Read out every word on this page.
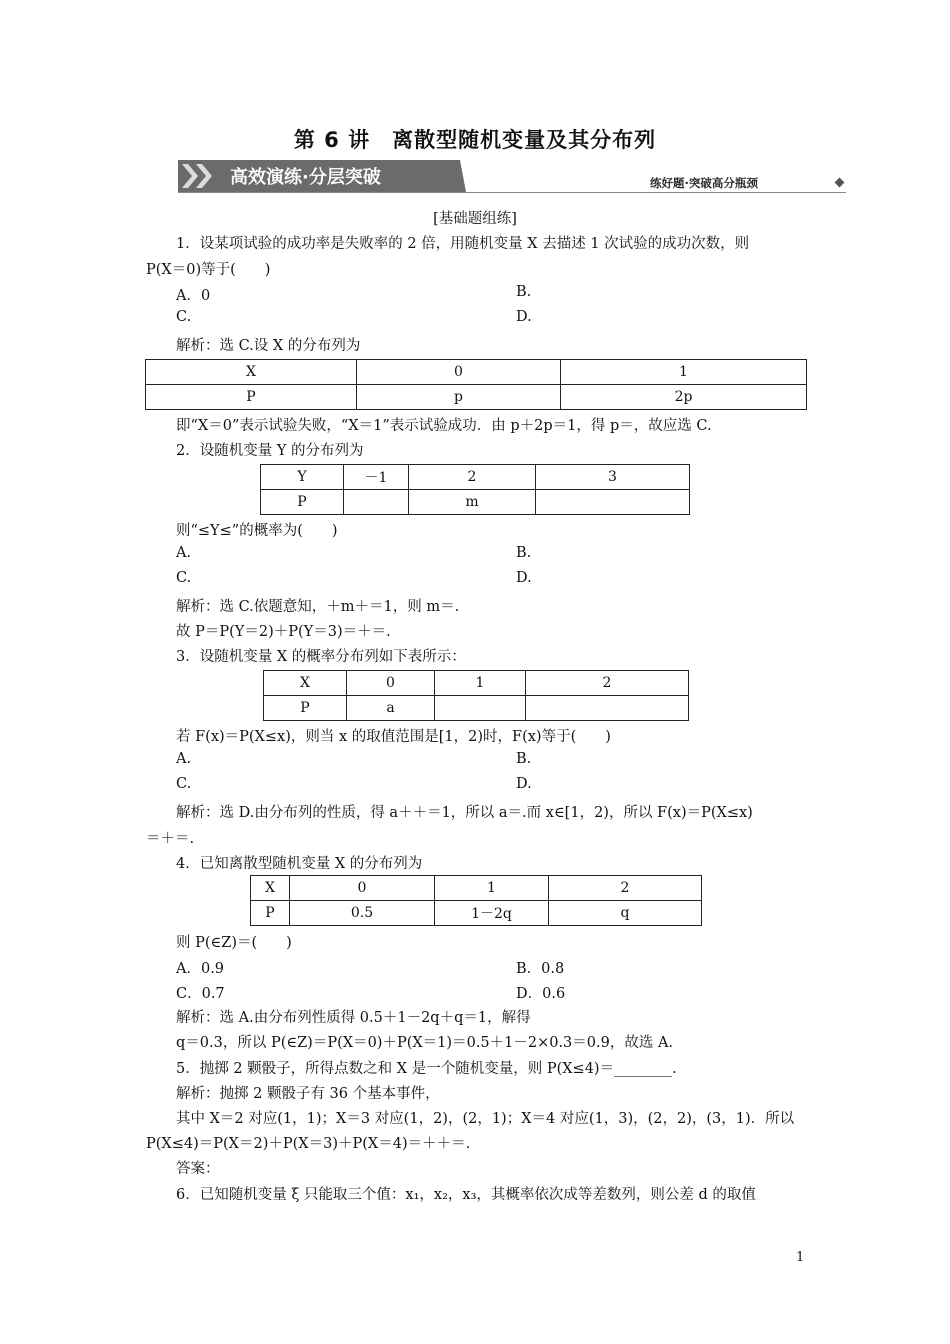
第 6 讲　离散型随机变量及其分布列
高效演练·分层突破	练好题·突破高分瓶颈
[基础题组练]
1．设某项试验的成功率是失败率的 2 倍，用随机变量 X 去描述 1 次试验的成功次数，则
P(X＝0)等于(　　)
A．0	B.
C.	D.
解析：选 C.设 X 的分布列为
X	0	1
P	p	2p
即“X＝0”表示试验失败，“X＝1”表示试验成功．由 p＋2p＝1，得 p＝，故应选 C.
2．设随机变量 Y 的分布列为
Y	－1	2	3
P		m	
则“≤Y≤”的概率为(　　)
A.	B.
C.	D.
解析：选 C.依题意知，＋m＋＝1，则 m＝.
故 P＝P(Y＝2)＋P(Y＝3)＝＋＝.
3．设随机变量 X 的概率分布列如下表所示：
X	0	1	2
P	a		
若 F(x)＝P(X≤x)，则当 x 的取值范围是[1，2)时，F(x)等于(　　)
A.	B.
C.	D.
解析：选 D.由分布列的性质，得 a＋＋＝1，所以 a＝.而 x∈[1，2)，所以 F(x)＝P(X≤x)
＝＋＝.
4．已知离散型随机变量 X 的分布列为
X	0	1	2
P	0.5	1－2q	q
则 P(∈Z)＝(　　)
A．0.9	B．0.8
C．0.7	D．0.6
解析：选 A.由分布列性质得 0.5＋1－2q＋q＝1，解得
q＝0.3，所以 P(∈Z)＝P(X＝0)＋P(X＝1)＝0.5＋1－2×0.3＝0.9，故选 A.
5．抛掷 2 颗骰子，所得点数之和 X 是一个随机变量，则 P(X≤4)＝________.
解析：抛掷 2 颗骰子有 36 个基本事件，
其中 X＝2 对应(1，1)；X＝3 对应(1，2)，(2，1)；X＝4 对应(1，3)，(2，2)，(3，1)．所以
P(X≤4)＝P(X＝2)＋P(X＝3)＋P(X＝4)＝＋＋＝.
答案：
6．已知随机变量 ξ 只能取三个值：x₁，x₂，x₃，其概率依次成等差数列，则公差 d 的取值
1
